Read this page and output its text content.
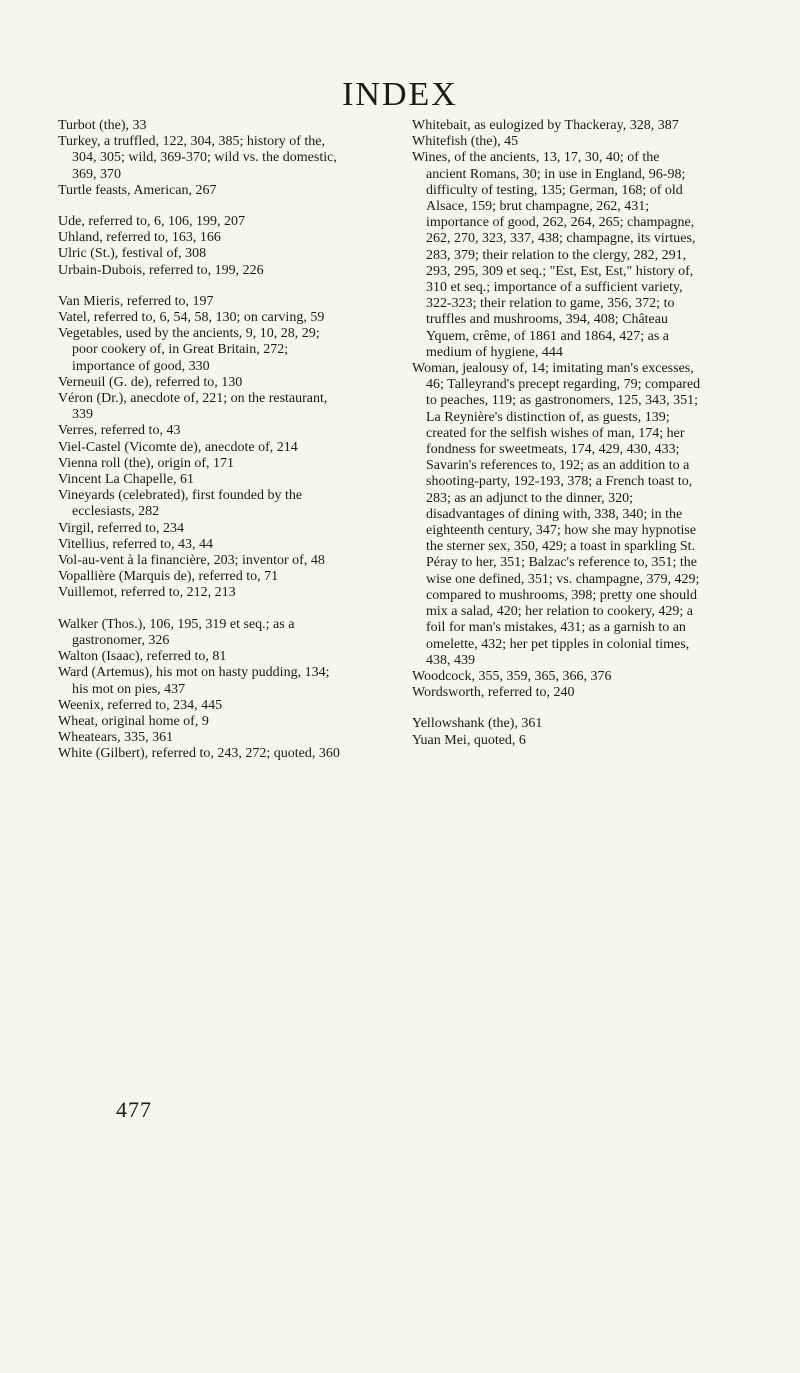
INDEX

Turbot (the), 33

Turkey, a truffled, 122, 304, 385; history of the, 304, 305; wild, 369-370; wild vs. the domestic, 369, 370

Turtle feasts, American, 267

Ude, referred to, 6, 106, 199, 207

Uhland, referred to, 163, 166

Ulric (St.), festival of, 308

Urbain-Dubois, referred to, 199, 226

Van Mieris, referred to, 197

Vatel, referred to, 6, 54, 58, 130; on carving, 59

Vegetables, used by the ancients, 9, 10, 28, 29; poor cookery of, in Great Britain, 272; importance of good, 330

Verneuil (G. de), referred to, 130

Véron (Dr.), anecdote of, 221; on the restaurant, 339

Verres, referred to, 43

Viel-Castel (Vicomte de), anecdote of, 214

Vienna roll (the), origin of, 171

Vincent La Chapelle, 61

Vineyards (celebrated), first founded by the ecclesiasts, 282

Virgil, referred to, 234

Vitellius, referred to, 43, 44

Vol-au-vent à la financière, 203; inventor of, 48

Vopallière (Marquis de), referred to, 71

Vuillemot, referred to, 212, 213

Walker (Thos.), 106, 195, 319 et seq.; as a gastronomer, 326

Walton (Isaac), referred to, 81

Ward (Artemus), his mot on hasty pudding, 134; his mot on pies, 437

Weenix, referred to, 234, 445

Wheat, original home of, 9

Wheatears, 335, 361

White (Gilbert), referred to, 243, 272; quoted, 360

Whitebait, as eulogized by Thackeray, 328, 387

Whitefish (the), 45

Wines, of the ancients, 13, 17, 30, 40; of the ancient Romans, 30; in use in England, 96-98; difficulty of testing, 135; German, 168; of old Alsace, 159; brut champagne, 262, 431; importance of good, 262, 264, 265; champagne, 262, 270, 323, 337, 438; champagne, its virtues, 283, 379; their relation to the clergy, 282, 291, 293, 295, 309 et seq.; "Est, Est, Est," history of, 310 et seq.; importance of a sufficient variety, 322-323; their relation to game, 356, 372; to truffles and mushrooms, 394, 408; Château Yquem, crême, of 1861 and 1864, 427; as a medium of hygiene, 444

Woman, jealousy of, 14; imitating man's excesses, 46; Talleyrand's precept regarding, 79; compared to peaches, 119; as gastronomers, 125, 343, 351; La Reynière's distinction of, as guests, 139; created for the selfish wishes of man, 174; her fondness for sweetmeats, 174, 429, 430, 433; Savarin's references to, 192; as an addition to a shooting-party, 192-193, 378; a French toast to, 283; as an adjunct to the dinner, 320; disadvantages of dining with, 338, 340; in the eighteenth century, 347; how she may hypnotise the sterner sex, 350, 429; a toast in sparkling St. Péray to her, 351; Balzac's reference to, 351; the wise one defined, 351; vs. champagne, 379, 429; compared to mushrooms, 398; pretty one should mix a salad, 420; her relation to cookery, 429; a foil for man's mistakes, 431; as a garnish to an omelette, 432; her pet tipples in colonial times, 438, 439

Woodcock, 355, 359, 365, 366, 376

Wordsworth, referred to, 240

Yellowshank (the), 361

Yuan Mei, quoted, 6

477
